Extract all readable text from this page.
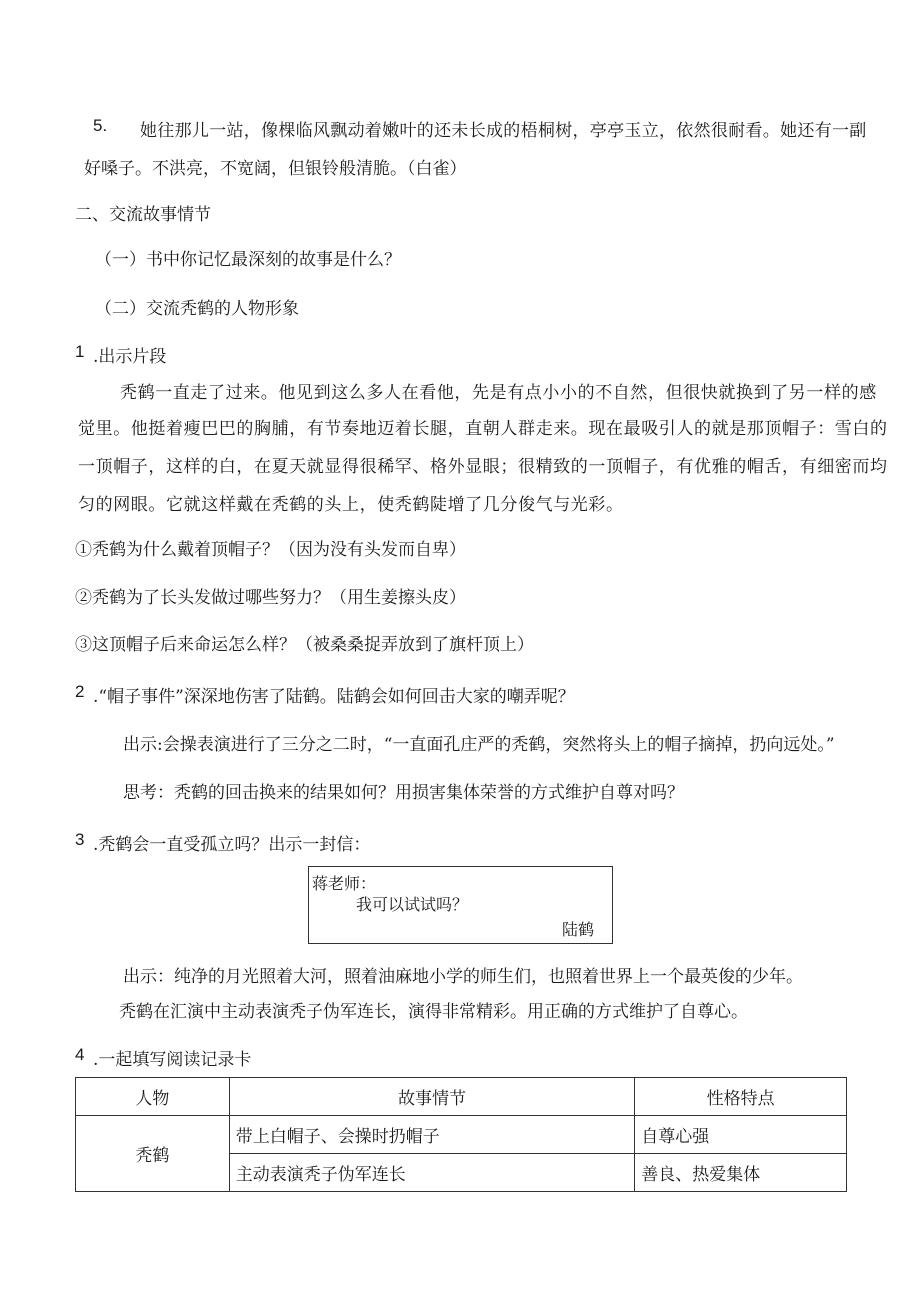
5. 她往那儿一站，像棵临风飘动着嫩叶的还未长成的梧桐树，亭亭玉立，依然很耐看。她还有一副
好嗓子。不洪亮，不宽阔，但银铃般清脆。（白雀）
二、交流故事情节
（一）书中你记忆最深刻的故事是什么？
（二）交流秃鹤的人物形象
1 .出示片段
秃鹤一直走了过来。他见到这么多人在看他，先是有点小小的不自然，但很快就换到了另一样的感
觉里。他挺着瘦巴巴的胸脯，有节奏地迈着长腿，直朝人群走来。现在最吸引人的就是那顶帽子：雪白的
一顶帽子，这样的白，在夏天就显得很稀罕、格外显眼；很精致的一顶帽子，有优雅的帽舌，有细密而均
匀的网眼。它就这样戴在秃鹤的头上，使秃鹤陡增了几分俊气与光彩。
①秃鹤为什么戴着顶帽子？（因为没有头发而自卑）
②秃鹤为了长头发做过哪些努力？（用生姜擦头皮）
③这顶帽子后来命运怎么样？（被桑桑捉弄放到了旗杆顶上）
2 .“帽子事件”深深地伤害了陆鹤。陆鹤会如何回击大家的嘲弄呢？
出示:会操表演进行了三分之二时，“一直面孔庄严的秃鹤，突然将头上的帽子摘掉，扔向远处。”
思考：秃鹤的回击换来的结果如何？用损害集体荣誉的方式维护自尊对吗？
3 .秃鹤会一直受孤立吗？出示一封信：
蒋老师：
我可以试试吗？
陆鹤
出示：纯净的月光照着大河，照着油麻地小学的师生们，也照着世界上一个最英俊的少年。
秃鹤在汇演中主动表演秃子伪军连长，演得非常精彩。用正确的方式维护了自尊心。
4 .一起填写阅读记录卡
人物	故事情节	性格特点
秃鹤	带上白帽子、会操时扔帽子	自尊心强
	主动表演秃子伪军连长	善良、热爱集体
